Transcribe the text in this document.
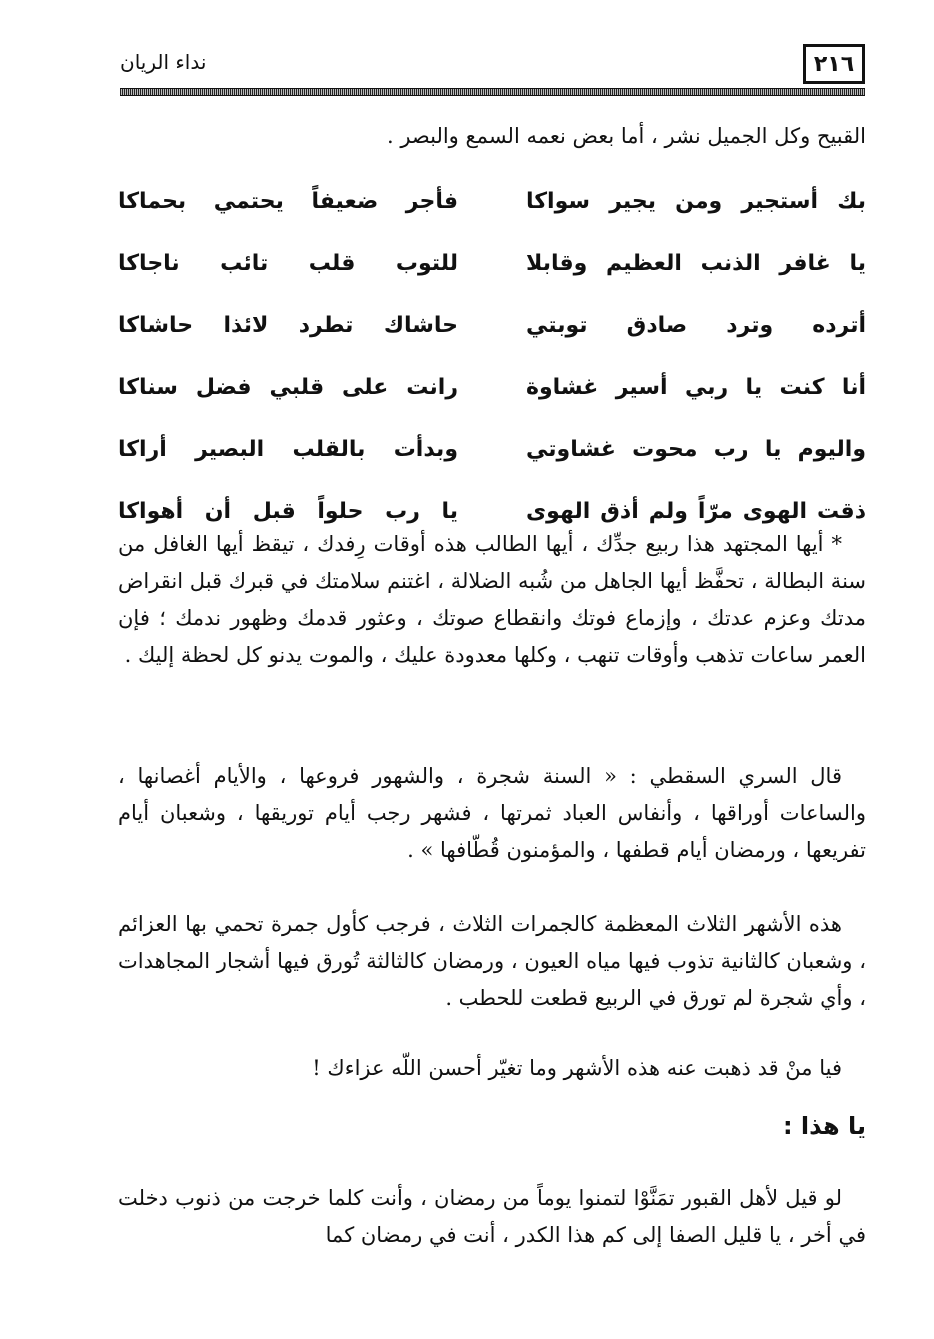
٢١٦
نداء الريان

القبيح وكل الجميل نشر ، أما بعض نعمه السمع والبصر .

بك أستجير ومن يجير سواكا
فأجر ضعيفاً يحتمي بحماكا
يا غافر الذنب العظيم وقابلا
للتوب قلب تائب ناجاكا
أترده وترد صادق توبتي
حاشاك تطرد لائذا حاشاكا
أنا كنت يا ربي أسير غشاوة
رانت على قلبي فضل سناكا
واليوم يا رب محوت غشاوتي
وبدأت بالقلب البصير أراكا
ذقت الهوى مرّاً ولم أذق الهوى
يا رب حلواً قبل أن أهواكا

* أيها المجتهد هذا ربيع جدِّك ، أيها الطالب هذه أوقات رِفدك ، تيقظ أيها الغافل من سنة البطالة ، تحفَّظ أيها الجاهل من شُبه الضلالة ، اغتنم سلامتك في قبرك قبل انقراض مدتك وعزم عدتك ، وإزماع فوتك وانقطاع صوتك ، وعثور قدمك وظهور ندمك ؛ فإن العمر ساعات تذهب وأوقات تنهب ، وكلها معدودة عليك ، والموت يدنو كل لحظة إليك .

قال السري السقطي : « السنة شجرة ، والشهور فروعها ، والأيام أغصانها ، والساعات أوراقها ، وأنفاس العباد ثمرتها ، فشهر رجب أيام توريقها ، وشعبان أيام تفريعها ، ورمضان أيام قطفها ، والمؤمنون قُطّافها » .

هذه الأشهر الثلاث المعظمة كالجمرات الثلاث ، فرجب كأول جمرة تحمي بها العزائم ، وشعبان كالثانية تذوب فيها مياه العيون ، ورمضان كالثالثة تُورق فيها أشجار المجاهدات ، وأي شجرة لم تورق في الربيع قطعت للحطب .

فيا منْ قد ذهبت عنه هذه الأشهر وما تغيّر أحسن اللّه عزاءك !

يا هذا :

لو قيل لأهل القبور تمَنَّوْا لتمنوا يوماً من رمضان ، وأنت كلما خرجت من ذنوب دخلت في أخر ، يا قليل الصفا إلى كم هذا الكدر ، أنت في رمضان كما
